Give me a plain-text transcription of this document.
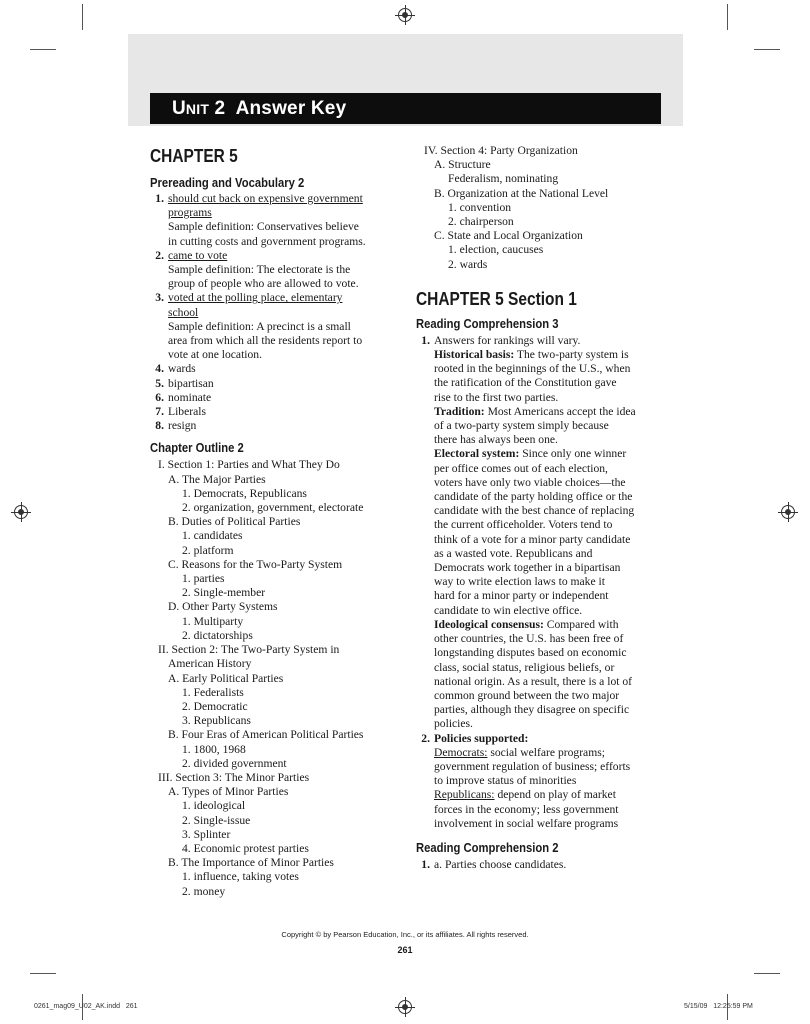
UNIT 2  Answer Key
CHAPTER 5
Prereading and Vocabulary 2
1. should cut back on expensive government
programs
Sample definition: Conservatives believe
in cutting costs and government programs.
2. came to vote
Sample definition: The electorate is the
group of people who are allowed to vote.
3. voted at the polling place, elementary
school
Sample definition: A precinct is a small
area from which all the residents report to
vote at one location.
4. wards
5. bipartisan
6. nominate
7. Liberals
8. resign
Chapter Outline 2
I. Section 1: Parties and What They Do
A. The Major Parties
1. Democrats, Republicans
2. organization, government, electorate
B. Duties of Political Parties
1. candidates
2. platform
C. Reasons for the Two-Party System
1. parties
2. Single-member
D. Other Party Systems
1. Multiparty
2. dictatorships
II. Section 2: The Two-Party System in
American History
A. Early Political Parties
1. Federalists
2. Democratic
3. Republicans
B. Four Eras of American Political Parties
1. 1800, 1968
2. divided government
III. Section 3: The Minor Parties
A. Types of Minor Parties
1. ideological
2. Single-issue
3. Splinter
4. Economic protest parties
B. The Importance of Minor Parties
1. influence, taking votes
2. money
IV. Section 4: Party Organization
A. Structure
Federalism, nominating
B. Organization at the National Level
1. convention
2. chairperson
C. State and Local Organization
1. election, caucuses
2. wards
CHAPTER 5 Section 1
Reading Comprehension 3
1. Answers for rankings will vary.
Historical basis: The two-party system is
rooted in the beginnings of the U.S., when
the ratification of the Constitution gave
rise to the first two parties.
Tradition: Most Americans accept the idea
of a two-party system simply because
there has always been one.
Electoral system: Since only one winner
per office comes out of each election,
voters have only two viable choices—the
candidate of the party holding office or the
candidate with the best chance of replacing
the current officeholder. Voters tend to
think of a vote for a minor party candidate
as a wasted vote. Republicans and
Democrats work together in a bipartisan
way to write election laws to make it
hard for a minor party or independent
candidate to win elective office.
Ideological consensus: Compared with
other countries, the U.S. has been free of
longstanding disputes based on economic
class, social status, religious beliefs, or
national origin. As a result, there is a lot of
common ground between the two major
parties, although they disagree on specific
policies.
2. Policies supported:
Democrats: social welfare programs;
government regulation of business; efforts
to improve status of minorities
Republicans: depend on play of market
forces in the economy; less government
involvement in social welfare programs
Reading Comprehension 2
1. a. Parties choose candidates.
Copyright © by Pearson Education, Inc., or its affiliates. All rights reserved.
261
0261_mag09_U02_AK.indd   261	5/15/09   12:25:59 PM
